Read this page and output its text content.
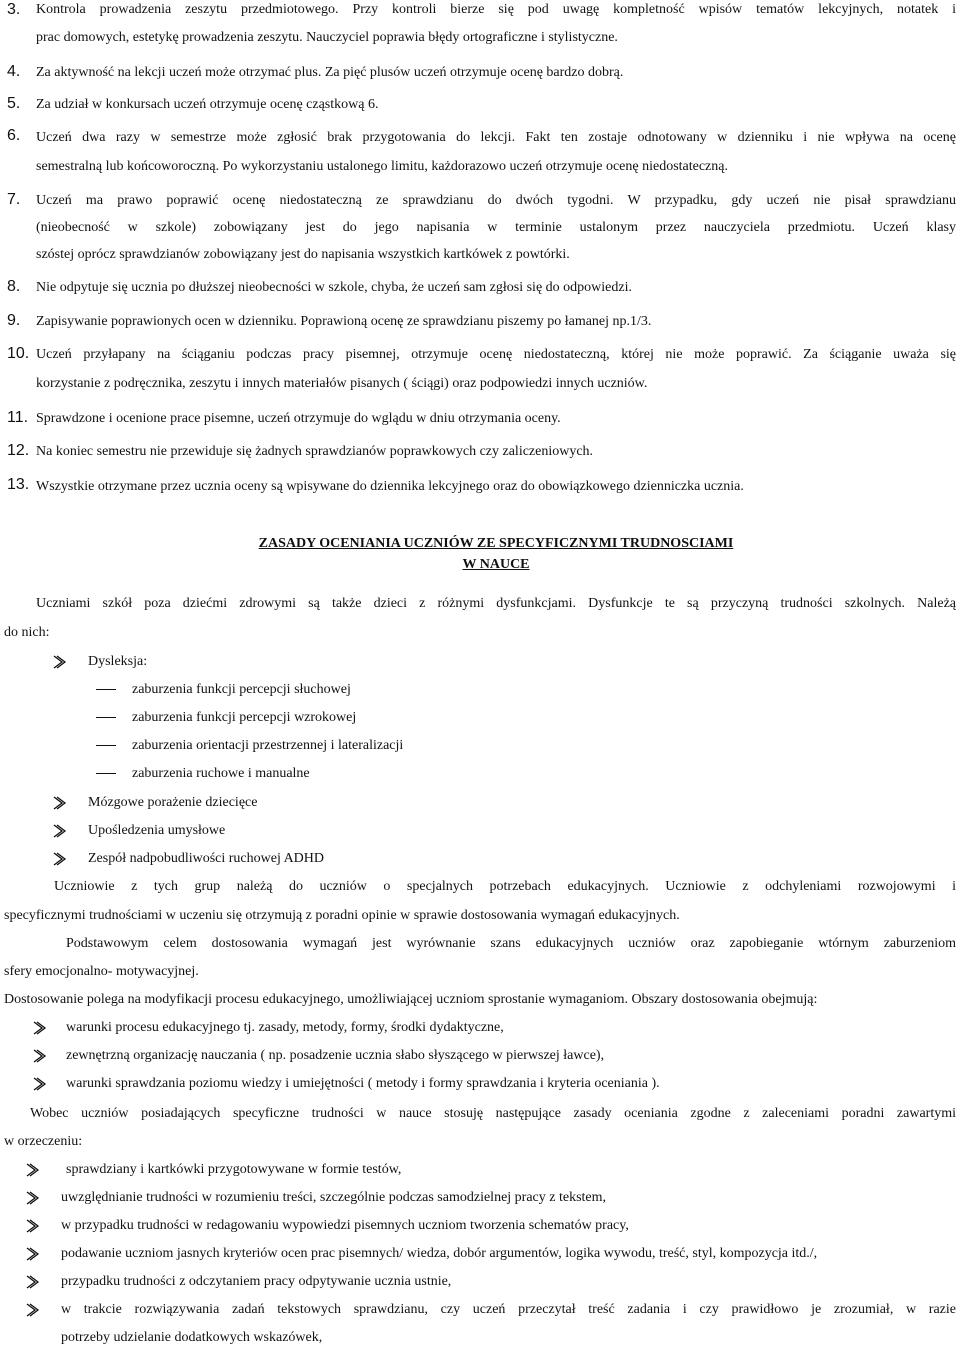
3. Kontrola prowadzenia zeszytu przedmiotowego. Przy kontroli bierze się pod uwagę kompletność wpisów tematów lekcyjnych, notatek i
prac domowych, estetykę prowadzenia zeszytu. Nauczyciel poprawia błędy ortograficzne i stylistyczne.
4. Za aktywność na lekcji uczeń może otrzymać plus. Za pięć plusów uczeń otrzymuje ocenę bardzo dobrą.
5. Za udział w konkursach uczeń otrzymuje ocenę cząstkową 6.
6. Uczeń dwa razy w semestrze może zgłosić brak przygotowania do lekcji. Fakt ten zostaje odnotowany w dzienniku i nie wpływa na ocenę
semestralną lub końcoworoczną. Po wykorzystaniu ustalonego limitu, każdorazowo uczeń otrzymuje ocenę niedostateczną.
7. Uczeń ma prawo poprawić ocenę niedostateczną ze sprawdzianu do dwóch tygodni. W przypadku, gdy uczeń nie pisał sprawdzianu
(nieobecność w szkole) zobowiązany jest do jego napisania w terminie ustalonym przez nauczyciela przedmiotu. Uczeń klasy
szóstej oprócz sprawdzianów zobowiązany jest do napisania wszystkich kartkówek z powtórki.
8. Nie odpytuje się ucznia po dłuższej nieobecności w szkole, chyba, że uczeń sam zgłosi się do odpowiedzi.
9. Zapisywanie poprawionych ocen w dzienniku. Poprawioną ocenę ze sprawdzianu piszemy po łamanej np.1/3.
10. Uczeń przyłapany na ściąganiu podczas pracy pisemnej, otrzymuje ocenę niedostateczną, której nie może poprawić. Za ściąganie uważa się
korzystanie z podręcznika, zeszytu i innych materiałów pisanych ( ściągi) oraz podpowiedzi innych uczniów.
11. Sprawdzone i ocenione prace pisemne, uczeń otrzymuje do wglądu w dniu otrzymania oceny.
12. Na koniec semestru nie przewiduje się żadnych sprawdzianów poprawkowych czy zaliczeniowych.
13. Wszystkie otrzymane przez ucznia oceny są wpisywane do dziennika lekcyjnego oraz do obowiązkowego dzienniczka ucznia.
ZASADY OCENIANIA UCZNIÓW ZE SPECYFICZNYMI TRUDNOSCIAMI
W NAUCE
Uczniami szkół poza dziećmi zdrowymi są także dzieci z różnymi dysfunkcjami. Dysfunkcje te są przyczyną trudności szkolnych. Należą
do nich:
Dysleksja:
zaburzenia funkcji percepcji słuchowej
zaburzenia funkcji percepcji wzrokowej
zaburzenia orientacji przestrzennej i lateralizacji
zaburzenia ruchowe i manualne
Mózgowe porażenie dziecięce
Upośledzenia umysłowe
Zespół nadpobudliwości ruchowej ADHD
Uczniowie z tych grup należą do uczniów o specjalnych potrzebach edukacyjnych. Uczniowie z odchyleniami rozwojowymi i
specyficznymi trudnościami w uczeniu się otrzymują z poradni opinie w sprawie dostosowania wymagań edukacyjnych.
Podstawowym celem dostosowania wymagań jest wyrównanie szans edukacyjnych uczniów oraz zapobieganie wtórnym zaburzeniom
sfery emocjonalno- motywacyjnej.
Dostosowanie polega na modyfikacji procesu edukacyjnego, umożliwiającej uczniom sprostanie wymaganiom. Obszary dostosowania obejmują:
warunki procesu edukacyjnego tj. zasady, metody, formy, środki dydaktyczne,
zewnętrzną organizację nauczania ( np. posadzenie ucznia słabo słyszącego w pierwszej ławce),
warunki sprawdzania poziomu wiedzy i umiejętności ( metody i formy sprawdzania i kryteria oceniania ).
Wobec uczniów posiadających specyficzne trudności w nauce stosuję następujące zasady oceniania zgodne z zaleceniami poradni zawartymi
w orzeczeniu:
sprawdziany i kartkówki przygotowywane w formie testów,
uwzględnianie trudności w rozumieniu treści, szczególnie podczas samodzielnej pracy z tekstem,
w przypadku trudności w redagowaniu wypowiedzi pisemnych uczniom tworzenia schematów pracy,
podawanie uczniom jasnych kryteriów ocen prac pisemnych/ wiedza, dobór argumentów, logika wywodu, treść, styl, kompozycja itd./,
przypadku trudności z odczytaniem pracy odpytywanie ucznia ustnie,
w trakcie rozwiązywania zadań tekstowych sprawdzianu, czy uczeń przeczytał treść zadania i czy prawidłowo je zrozumiał, w razie
potrzeby udzielanie dodatkowych wskazówek,
